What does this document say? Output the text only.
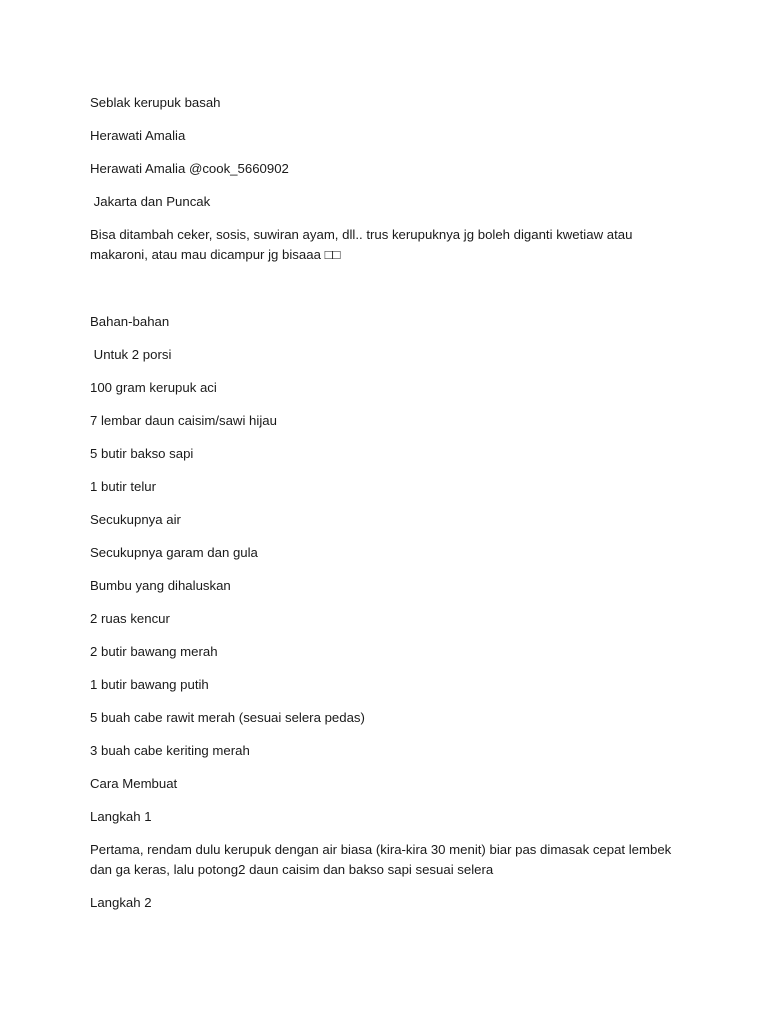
Seblak kerupuk basah

Herawati Amalia

Herawati Amalia @cook_5660902

Jakarta dan Puncak

Bisa ditambah ceker, sosis, suwiran ayam, dll.. trus kerupuknya jg boleh diganti kwetiaw atau makaroni, atau mau dicampur jg bisaaa □□

Bahan-bahan

Untuk 2 porsi

100 gram kerupuk aci

7 lembar daun caisim/sawi hijau

5 butir bakso sapi

1 butir telur

Secukupnya air

Secukupnya garam dan gula

Bumbu yang dihaluskan

2 ruas kencur

2 butir bawang merah

1 butir bawang putih

5 buah cabe rawit merah (sesuai selera pedas)

3 buah cabe keriting merah

Cara Membuat

Langkah 1

Pertama, rendam dulu kerupuk dengan air biasa (kira-kira 30 menit) biar pas dimasak cepat lembek dan ga keras, lalu potong2 daun caisim dan bakso sapi sesuai selera

Langkah 2
